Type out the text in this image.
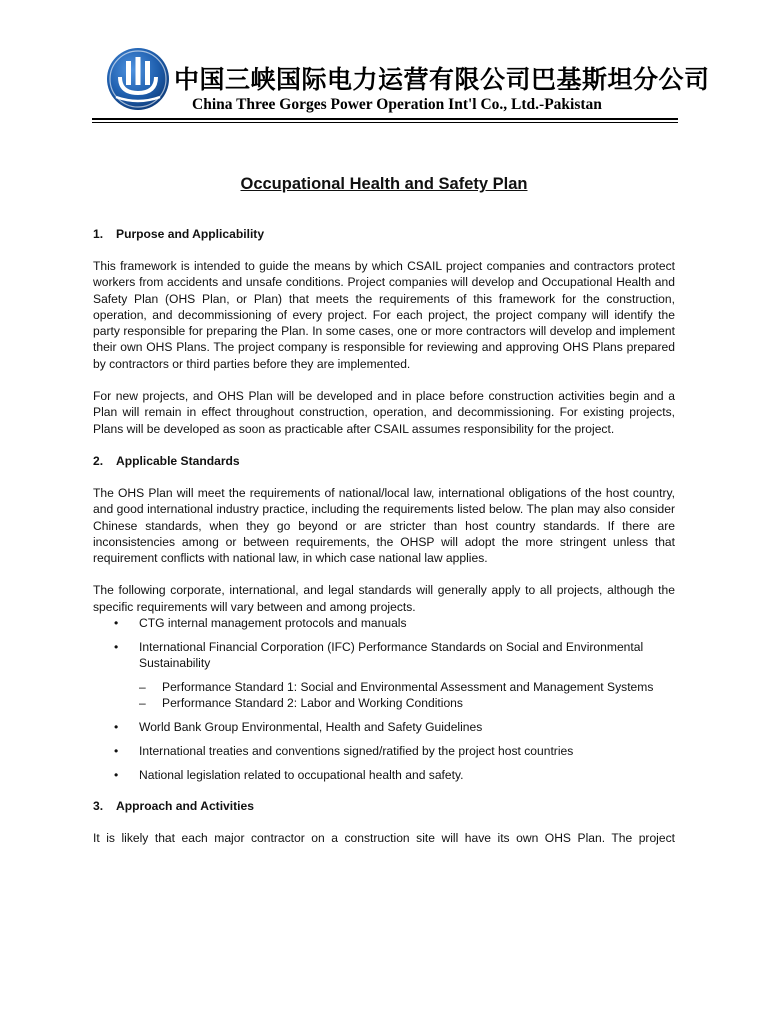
中国三峡国际电力运营有限公司巴基斯坦分公司
China Three Gorges Power Operation Int'l Co., Ltd.-Pakistan
Occupational Health and Safety Plan
1. Purpose and Applicability

This framework is intended to guide the means by which CSAIL project companies and contractors protect workers from accidents and unsafe conditions. Project companies will develop and Occupational Health and Safety Plan (OHS Plan, or Plan) that meets the requirements of this framework for the construction, operation, and decommissioning of every project. For each project, the project company will identify the party responsible for preparing the Plan. In some cases, one or more contractors will develop and implement their own OHS Plans. The project company is responsible for reviewing and approving OHS Plans prepared by contractors or third parties before they are implemented.

For new projects, and OHS Plan will be developed and in place before construction activities begin and a Plan will remain in effect throughout construction, operation, and decommissioning. For existing projects, Plans will be developed as soon as practicable after CSAIL assumes responsibility for the project.

2. Applicable Standards

The OHS Plan will meet the requirements of national/local law, international obligations of the host country, and good international industry practice, including the requirements listed below. The plan may also consider Chinese standards, when they go beyond or are stricter than host country standards. If there are inconsistencies among or between requirements, the OHSP will adopt the more stringent unless that requirement conflicts with national law, in which case national law applies.

The following corporate, international, and legal standards will generally apply to all projects, although the specific requirements will vary between and among projects.

• CTG internal management protocols and manuals
• International Financial Corporation (IFC) Performance Standards on Social and Environmental Sustainability
– Performance Standard 1: Social and Environmental Assessment and Management Systems
– Performance Standard 2: Labor and Working Conditions
• World Bank Group Environmental, Health and Safety Guidelines
• International treaties and conventions signed/ratified by the project host countries
• National legislation related to occupational health and safety.
3. Approach and Activities

It is likely that each major contractor on a construction site will have its own OHS Plan. The project
